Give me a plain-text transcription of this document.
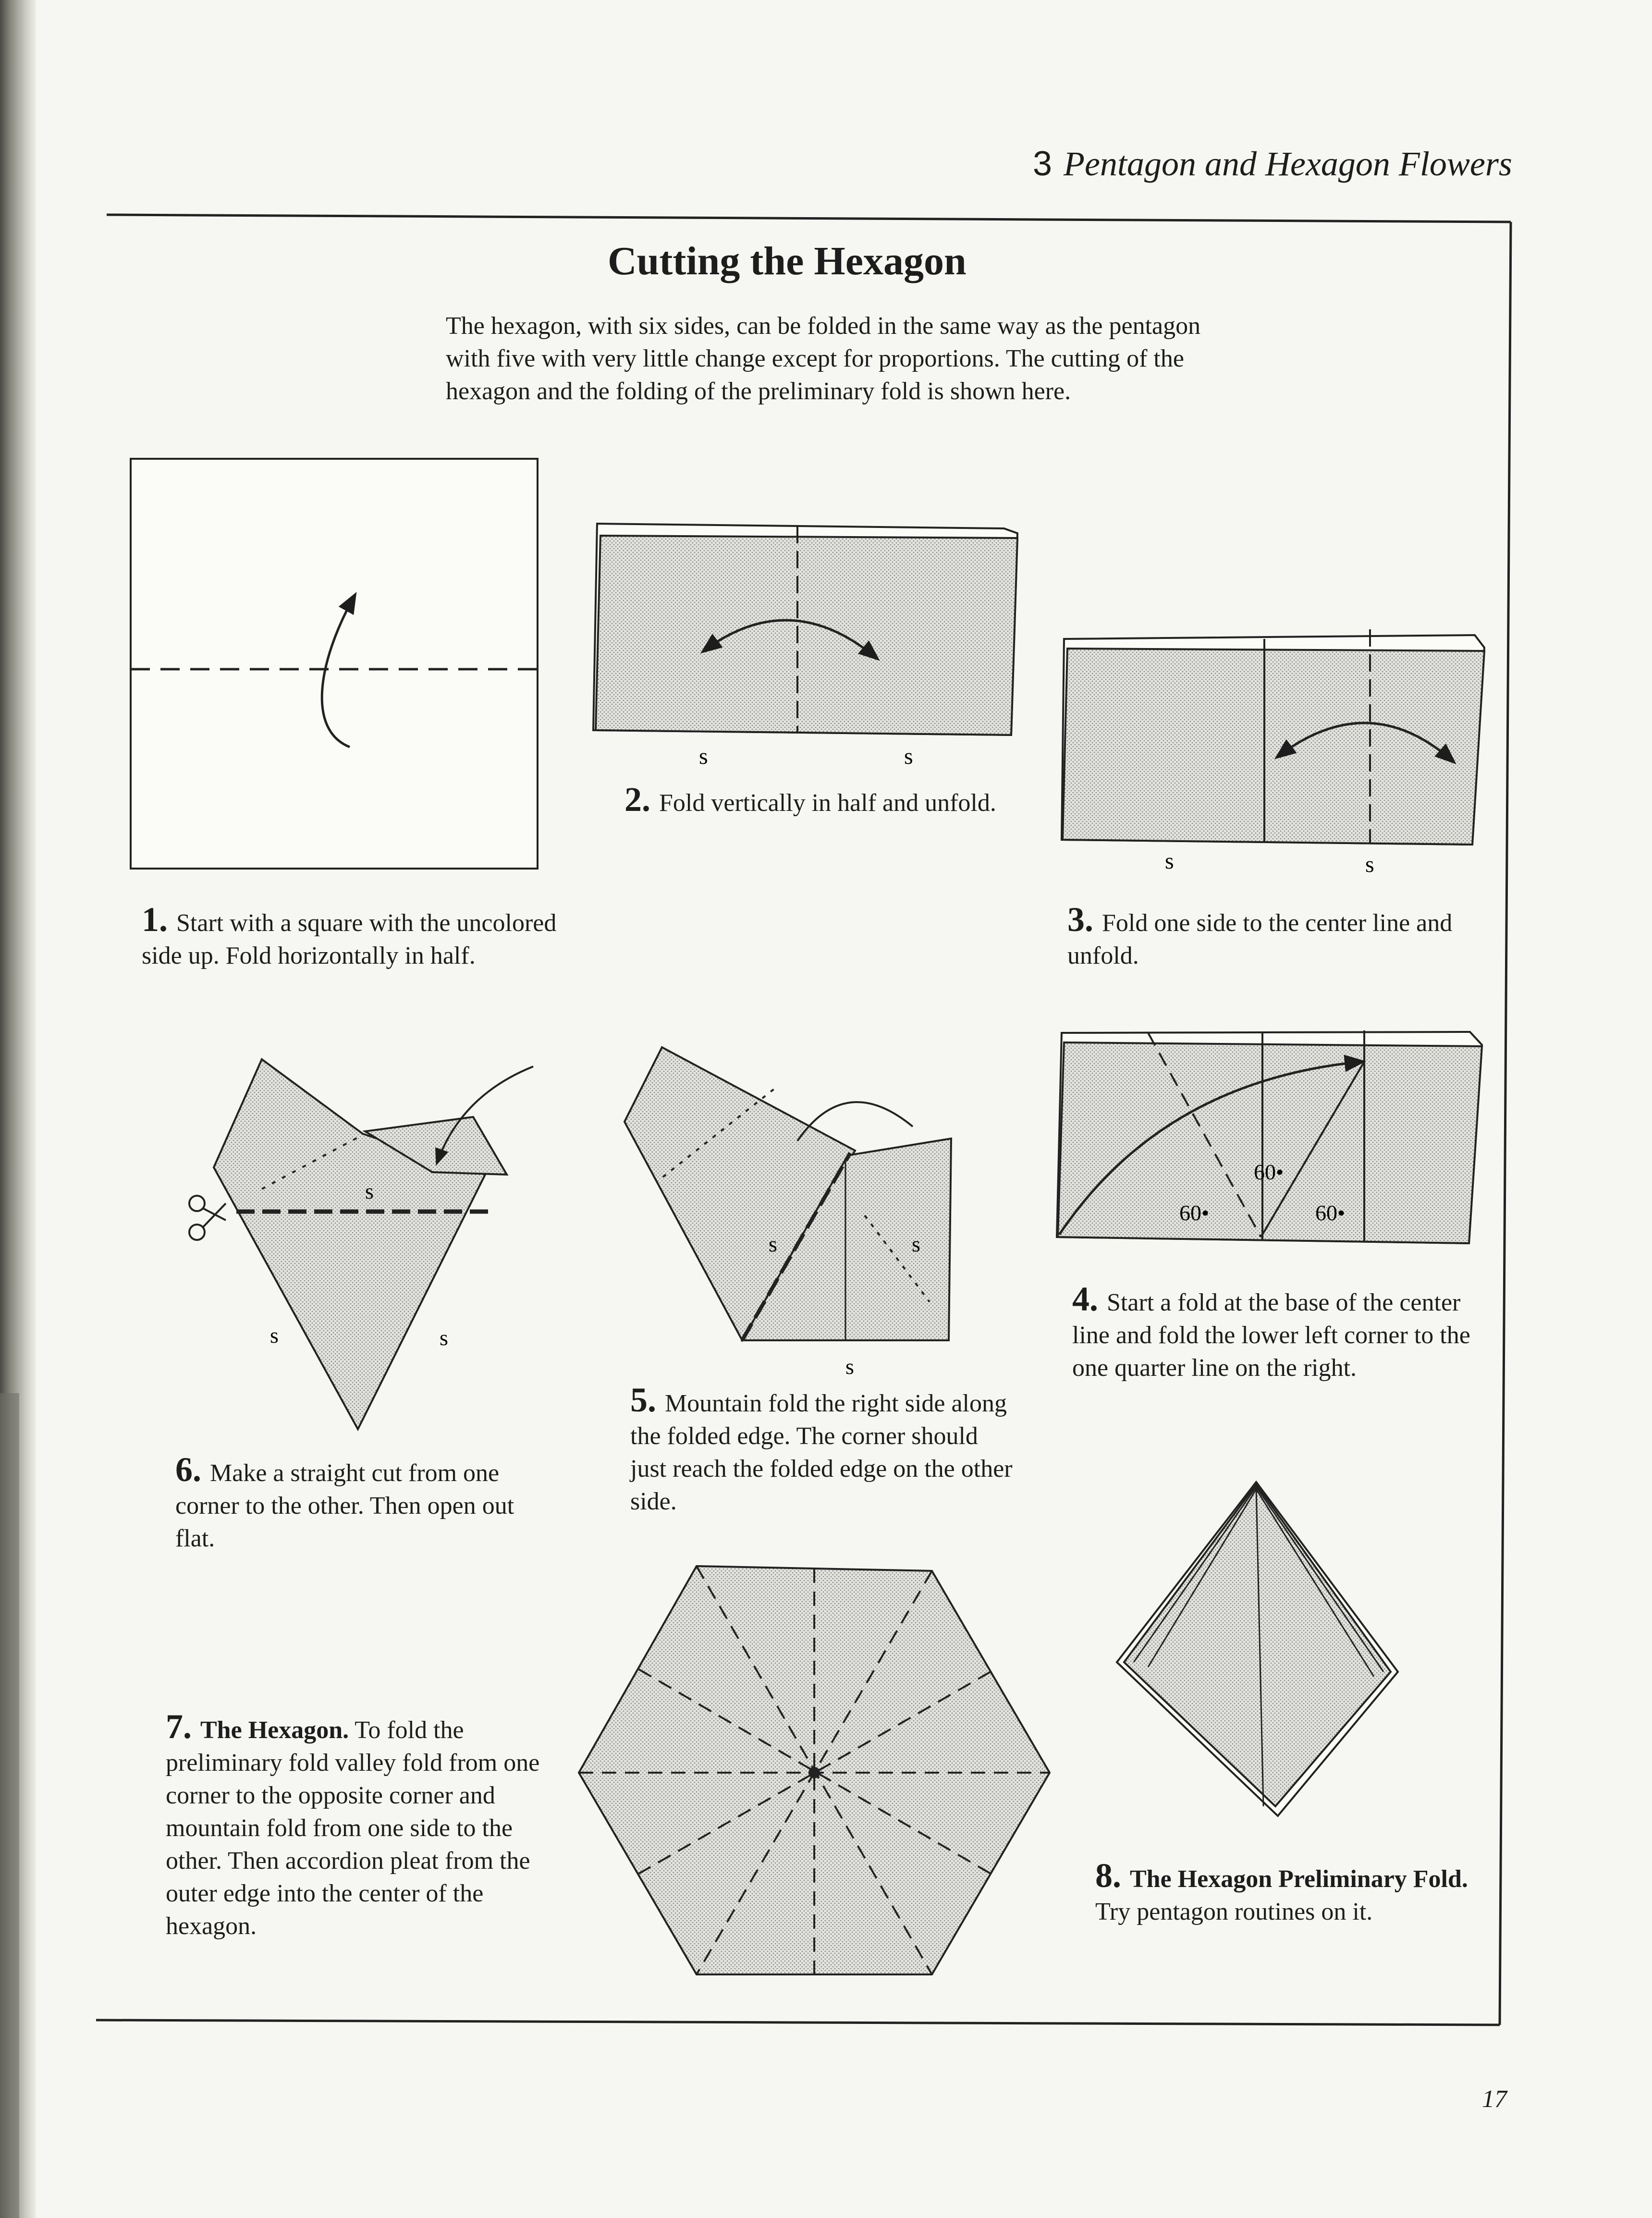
s	s
s	s
60•
60•
60•
s	s
s
s
s	s
3 Pentagon and Hexagon Flowers
Cutting the Hexagon
The hexagon, with six sides, can be folded in the same way as the pentagon with five with very little change except for proportions. The cutting of the hexagon and the folding of the preliminary fold is shown here.
1. Start with a square with the uncolored side up. Fold horizontally in half.
2. Fold vertically in half and unfold.
3. Fold one side to the center line and unfold.
4. Start a fold at the base of the center line and fold the lower left corner to the one quarter line on the right.
5. Mountain fold the right side along the folded edge. The corner should just reach the folded edge on the other side.
6. Make a straight cut from one corner to the other. Then open out flat.
7. The Hexagon. To fold the preliminary fold valley fold from one corner to the opposite corner and mountain fold from one side to the other. Then accordion pleat from the outer edge into the center of the hexagon.
8. The Hexagon Preliminary Fold. Try pentagon routines on it.
17
